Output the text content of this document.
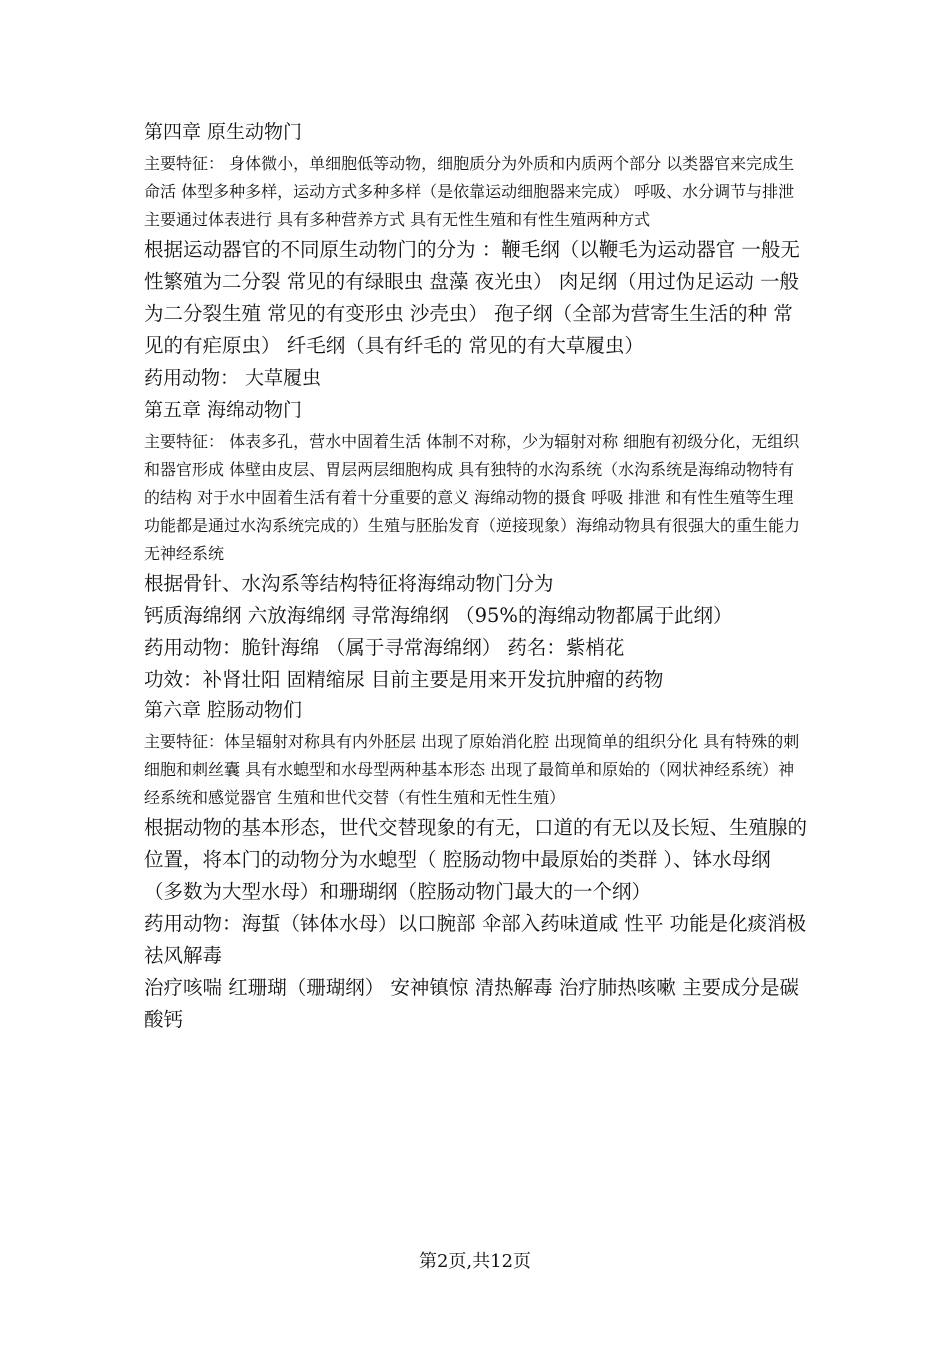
第四章 原生动物门

主要特征： 身体微小，单细胞低等动物，细胞质分为外质和内质两个部分 以类器官来完成生命活 体型多种多样，运动方式多种多样（是依靠运动细胞器来完成） 呼吸、水分调节与排泄主要通过体表进行 具有多种营养方式 具有无性生殖和有性生殖两种方式

根据运动器官的不同原生动物门的分为 ：鞭毛纲（以鞭毛为运动器官 一般无性繁殖为二分裂 常见的有绿眼虫 盘藻 夜光虫） 肉足纲（用过伪足运动 一般为二分裂生殖 常见的有变形虫 沙壳虫） 孢子纲（全部为营寄生生活的种 常见的有疟原虫） 纤毛纲（具有纤毛的 常见的有大草履虫）

药用动物： 大草履虫

第五章 海绵动物门

主要特征： 体表多孔，营水中固着生活 体制不对称，少为辐射对称 细胞有初级分化，无组织和器官形成 体壁由皮层、胃层两层细胞构成 具有独特的水沟系统（水沟系统是海绵动物特有的结构 对于水中固着生活有着十分重要的意义 海绵动物的摄食 呼吸 排泄 和有性生殖等生理功能都是通过水沟系统完成的）生殖与胚胎发育（逆接现象）海绵动物具有很强大的重生能力 无神经系统

根据骨针、水沟系等结构特征将海绵动物门分为

钙质海绵纲 六放海绵纲 寻常海绵纲 （95%的海绵动物都属于此纲）

药用动物：脆针海绵 （属于寻常海绵纲） 药名：紫梢花

功效：补肾壮阳 固精缩尿 目前主要是用来开发抗肿瘤的药物

第六章 腔肠动物们

主要特征：体呈辐射对称具有内外胚层 出现了原始消化腔 出现简单的组织分化 具有特殊的刺细胞和刺丝囊 具有水螅型和水母型两种基本形态 出现了最简单和原始的（网状神经系统）神经系统和感觉器官 生殖和世代交替（有性生殖和无性生殖）

根据动物的基本形态，世代交替现象的有无，口道的有无以及长短、生殖腺的位置，将本门的动物分为水螅型（ 腔肠动物中最原始的类群 ）、钵水母纲（多数为大型水母）和珊瑚纲（腔肠动物门最大的一个纲）

药用动物：海蜇（钵体水母）以口腕部 伞部入药味道咸 性平 功能是化痰消极 祛风解毒

治疗咳喘 红珊瑚（珊瑚纲） 安神镇惊 清热解毒 治疗肺热咳嗽 主要成分是碳酸钙

第2页,共12页
